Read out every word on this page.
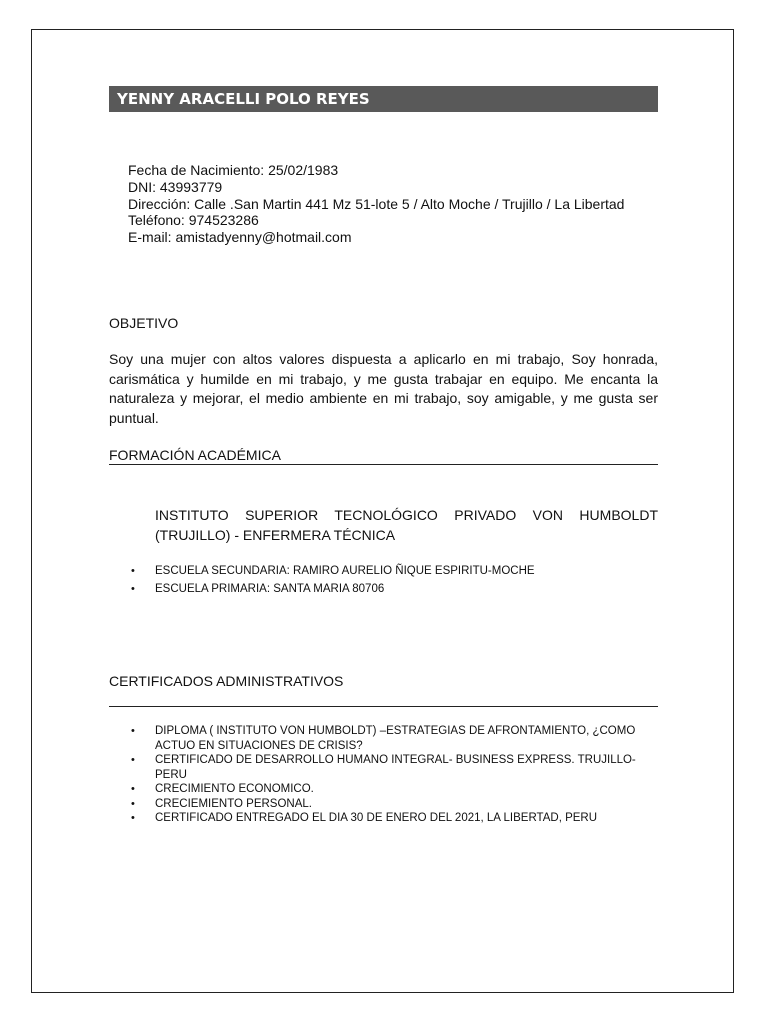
YENNY ARACELLI POLO REYES
Fecha de Nacimiento: 25/02/1983
DNI: 43993779
Dirección: Calle .San Martin 441 Mz 51-lote 5 / Alto Moche / Trujillo / La Libertad
Teléfono: 974523286
E-mail: amistadyenny@hotmail.com
OBJETIVO

Soy una mujer con altos valores dispuesta a aplicarlo en mi trabajo, Soy honrada, carismática y humilde en mi trabajo, y me gusta trabajar en equipo. Me encanta la naturaleza y mejorar, el medio ambiente en mi trabajo, soy amigable, y me gusta ser puntual.

FORMACIÓN ACADÉMICA

INSTITUTO SUPERIOR TECNOLÓGICO PRIVADO VON HUMBOLDT (TRUJILLO) - ENFERMERA TÉCNICA

• ESCUELA SECUNDARIA: RAMIRO AURELIO ÑIQUE ESPIRITU-MOCHE
• ESCUELA PRIMARIA: SANTA MARIA 80706
CERTIFICADOS ADMINISTRATIVOS
• DIPLOMA ( INSTITUTO VON HUMBOLDT) –ESTRATEGIAS DE AFRONTAMIENTO, ¿COMO ACTUO EN SITUACIONES DE CRISIS?
• CERTIFICADO DE DESARROLLO HUMANO INTEGRAL- BUSINESS EXPRESS. TRUJILLO-PERU
• CRECIMIENTO ECONOMICO.
• CRECIEMIENTO PERSONAL.
• CERTIFICADO ENTREGADO EL DIA 30 DE ENERO DEL 2021, LA LIBERTAD, PERU
